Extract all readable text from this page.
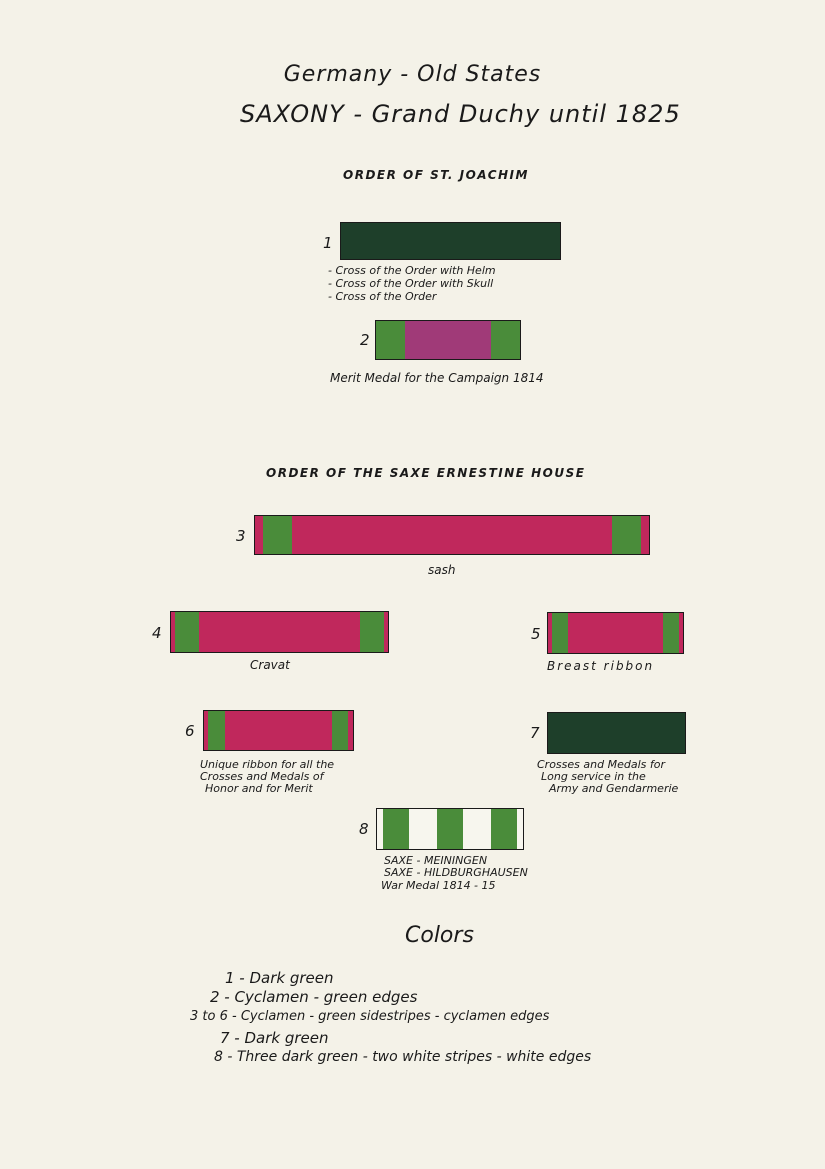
Germany - Old States
SAXONY - Grand Duchy until 1825
ORDER OF ST. JOACHIM
1
- Cross of the Order with Helm
- Cross of the Order with Skull
- Cross of the Order
2
Merit Medal for the Campaign 1814
ORDER OF THE SAXE ERNESTINE HOUSE
3
sash
4
Cravat
5
Breast ribbon
6
Unique ribbon for all the
Crosses and Medals of
Honor and for Merit
7
Crosses and Medals for
Long service in the
Army and Gendarmerie
8
SAXE - MEININGEN
SAXE - HILDBURGHAUSEN
War Medal 1814 - 15
Colors
1 - Dark green
2 - Cyclamen - green edges
3 to 6 - Cyclamen - green sidestripes - cyclamen edges
7 - Dark green
8 - Three dark green - two white stripes - white edges
